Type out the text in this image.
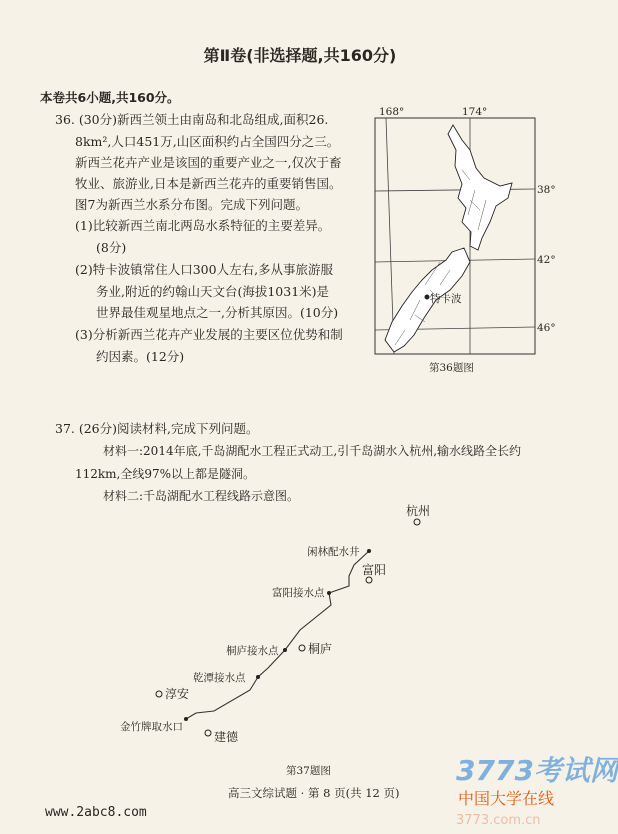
第Ⅱ卷(非选择题,共160分)
本卷共6小题,共160分。
36. (30分)新西兰领土由南岛和北岛组成,面积26.
8km²,人口451万,山区面积约占全国四分之三。
新西兰花卉产业是该国的重要产业之一,仅次于畜
牧业、旅游业,日本是新西兰花卉的重要销售国。
图7为新西兰水系分布图。完成下列问题。
(1)比较新西兰南北两岛水系特征的主要差异。
(8分)
(2)特卡波镇常住人口300人左右,多从事旅游服
务业,附近的约翰山天文台(海拔1031米)是
世界最佳观星地点之一,分析其原因。(10分)
(3)分析新西兰花卉产业发展的主要区位优势和制
约因素。(12分)
168°	174°
38°
42°
46°
特卡波
第36题图
杭州
富阳
桐庐
淳安
建德
闲林配水井
富阳接水点
桐庐接水点
乾潭接水点
金竹牌取水口
第37题图
37. (26分)阅读材料,完成下列问题。
材料一:2014年底,千岛湖配水工程正式动工,引千岛湖水入杭州,输水线路全长约
112km,全线97%以上都是隧洞。
材料二:千岛湖配水工程线路示意图。
高三文综试题 · 第 8 页(共 12 页)
www.2abc8.com
3773考试网
中国大学在线
3773.com.cn
